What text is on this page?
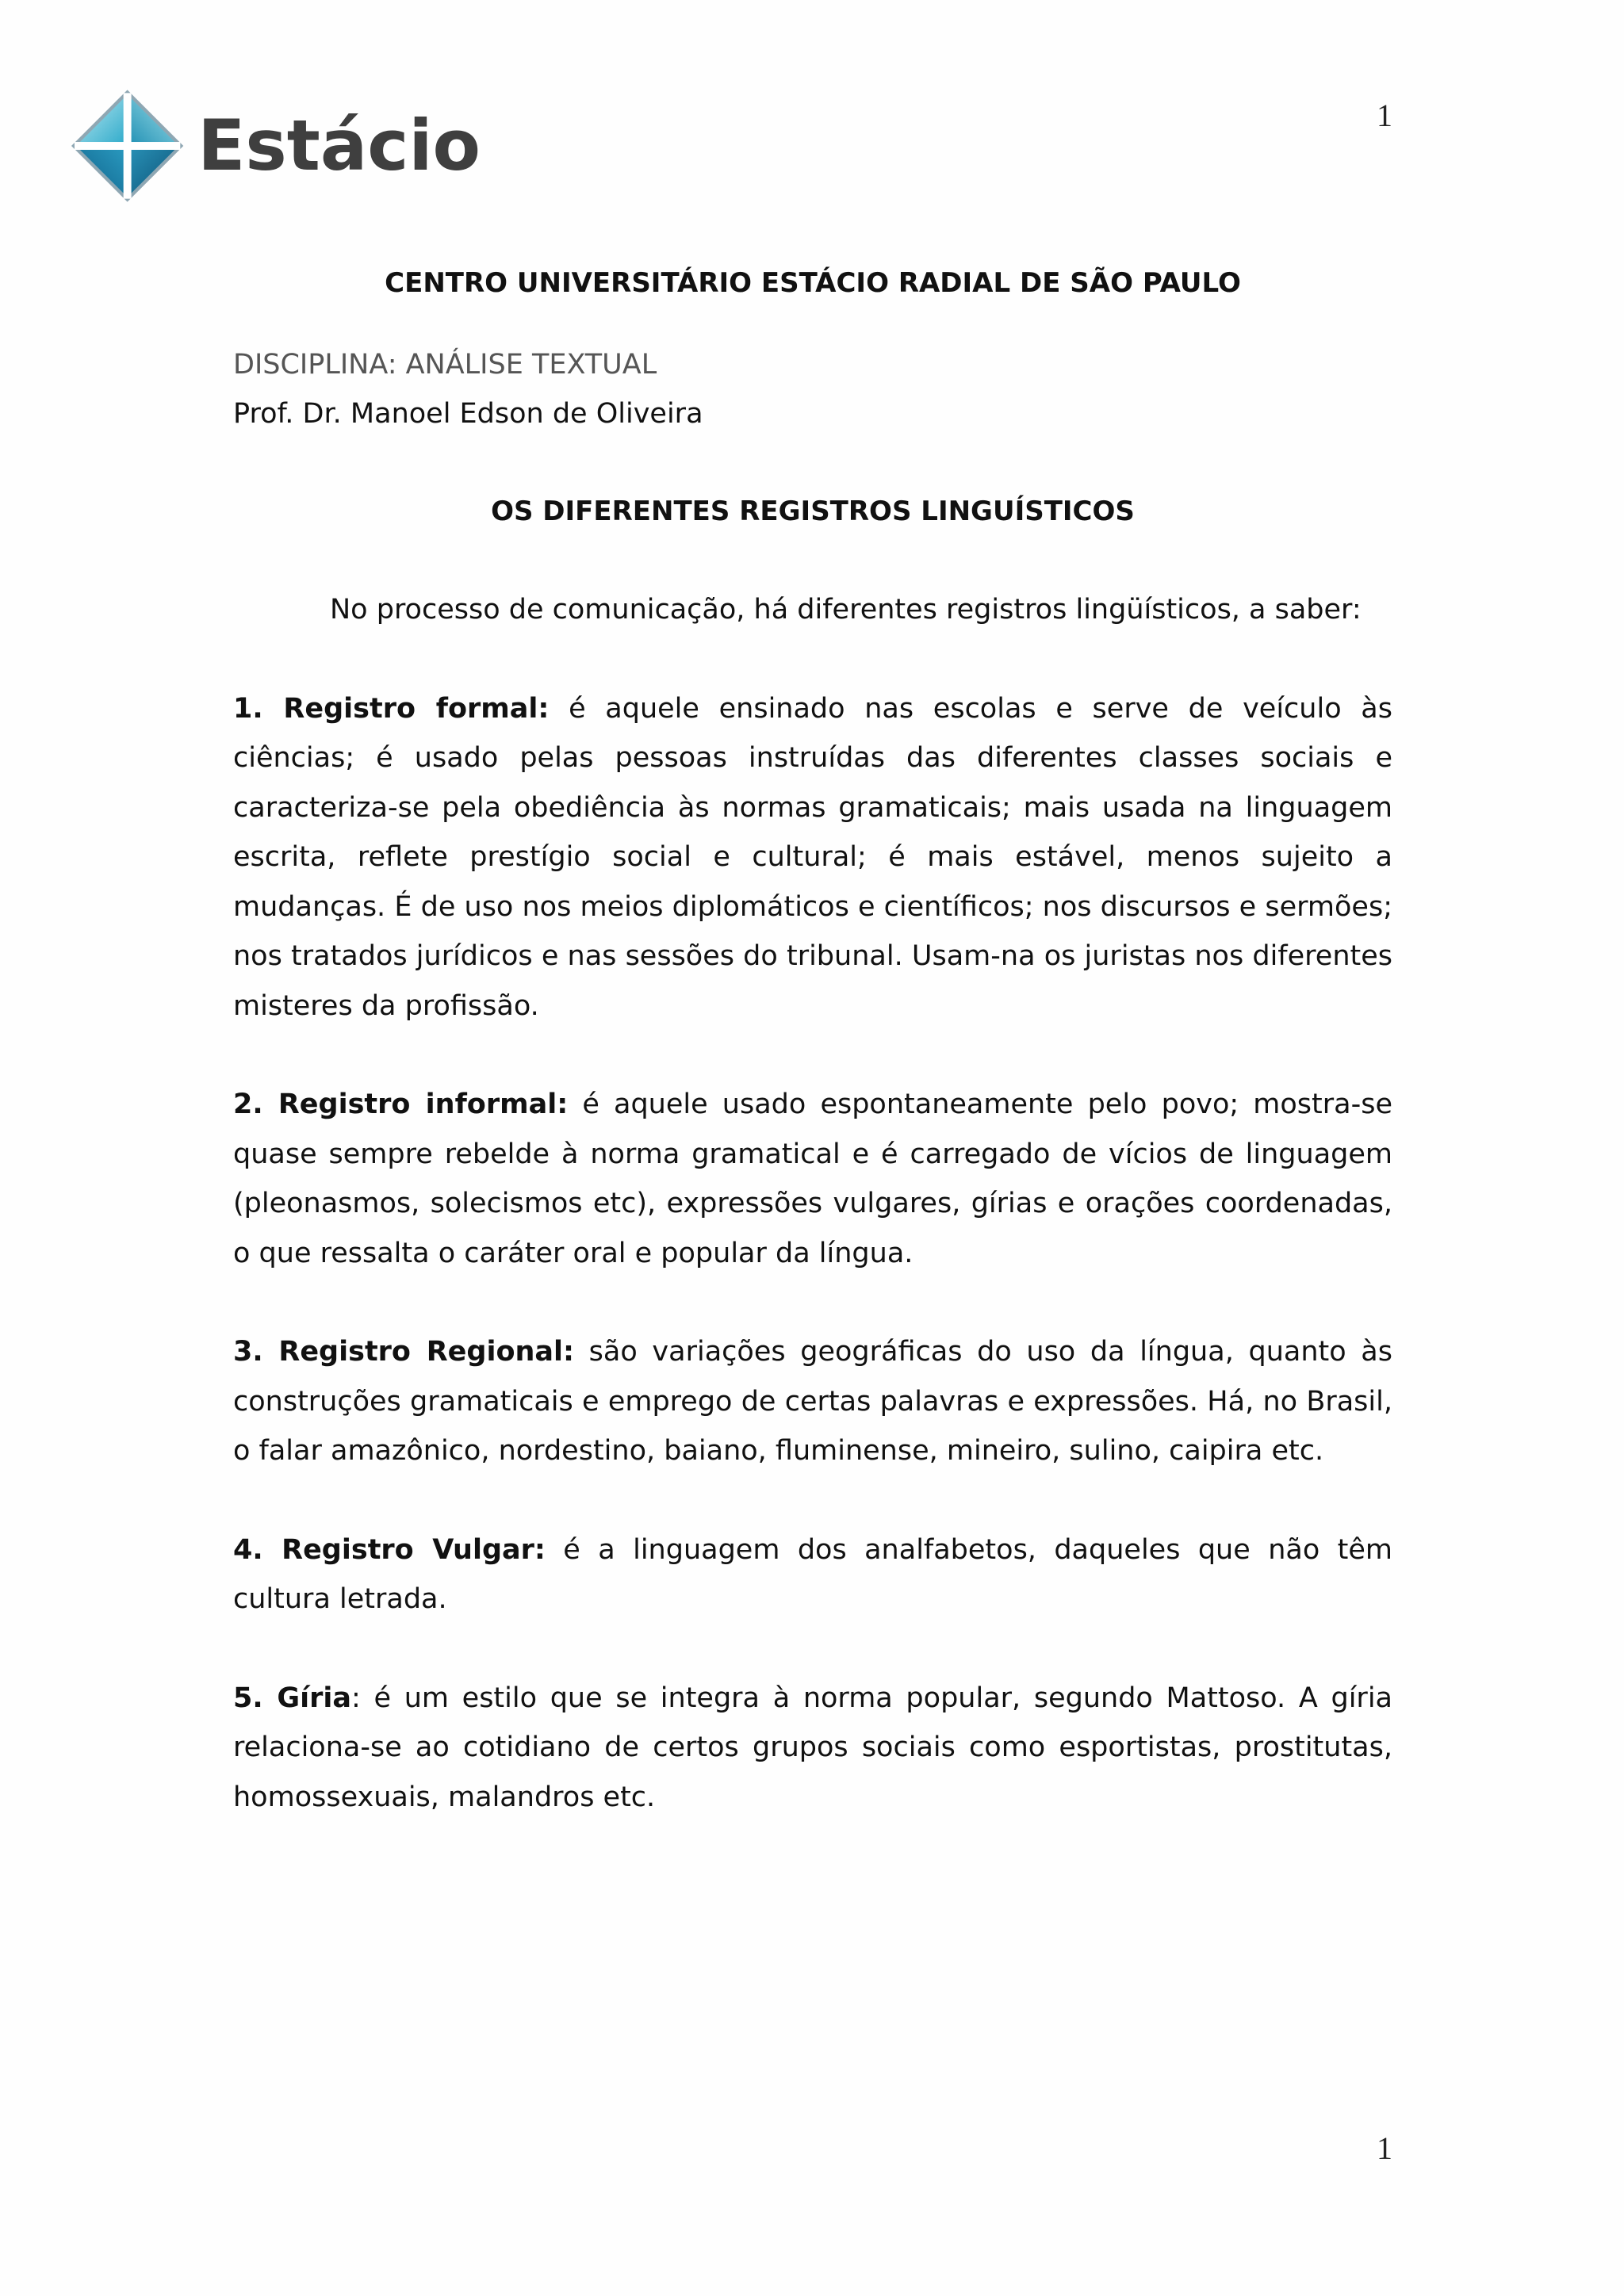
Estácio	1

CENTRO UNIVERSITÁRIO ESTÁCIO RADIAL DE SÃO PAULO

DISCIPLINA: ANÁLISE TEXTUAL

Prof. Dr. Manoel Edson de Oliveira

OS DIFERENTES REGISTROS LINGUÍSTICOS

No processo de comunicação, há diferentes registros lingüísticos, a saber:

1. Registro formal: é aquele ensinado nas escolas e serve de veículo às ciências; é usado pelas pessoas instruídas das diferentes classes sociais e caracteriza-se pela obediência às normas gramaticais; mais usada na linguagem escrita, reflete prestígio social e cultural; é mais estável, menos sujeito a mudanças. É de uso nos meios diplomáticos e científicos; nos discursos e sermões; nos tratados jurídicos e nas sessões do tribunal. Usam-na os juristas nos diferentes misteres da profissão.

2. Registro informal: é aquele usado espontaneamente pelo povo; mostra-se quase sempre rebelde à norma gramatical e é carregado de vícios de linguagem (pleonasmos, solecismos etc), expressões vulgares, gírias e orações coordenadas, o que ressalta o caráter oral e popular da língua.

3. Registro Regional: são variações geográficas do uso da língua, quanto às construções gramaticais e emprego de certas palavras e expressões. Há, no Brasil, o falar amazônico, nordestino, baiano, fluminense, mineiro, sulino, caipira etc.

4. Registro Vulgar: é a linguagem dos analfabetos, daqueles que não têm cultura letrada.

5. Gíria: é um estilo que se integra à norma popular, segundo Mattoso. A gíria relaciona-se ao cotidiano de certos grupos sociais como esportistas, prostitutas, homossexuais, malandros etc.

1
